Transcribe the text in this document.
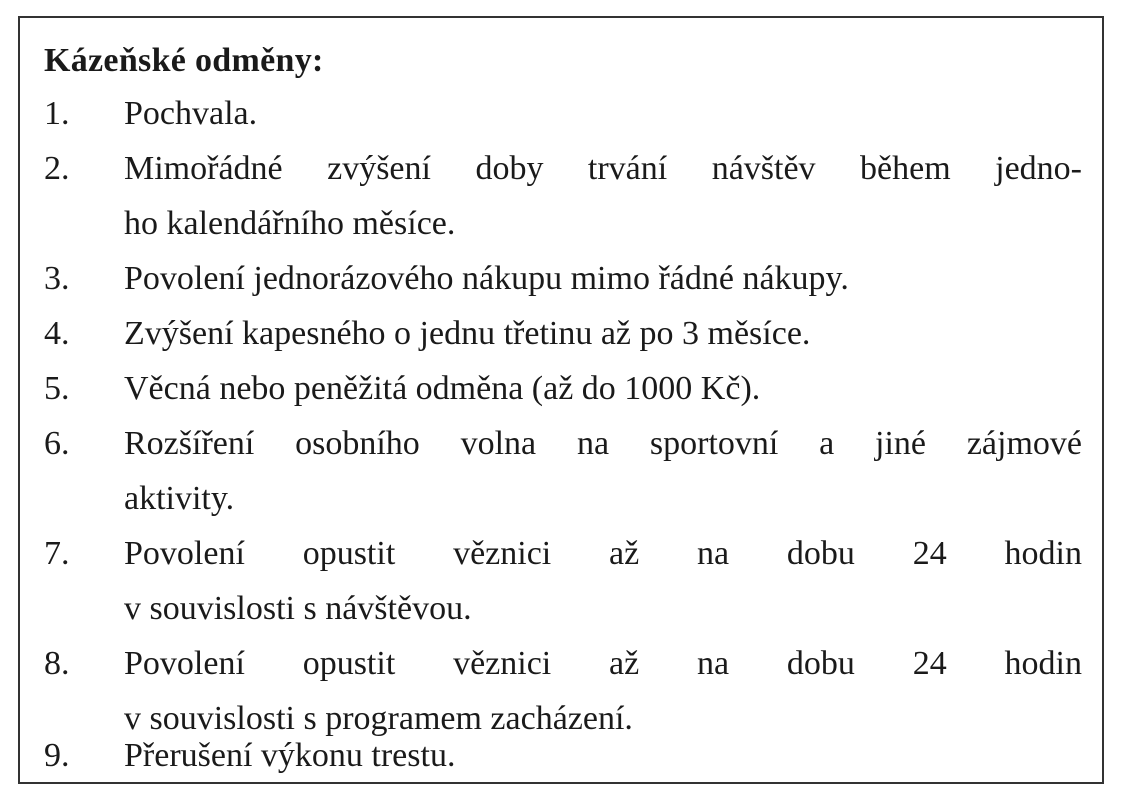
Kázeňské odměny:
1.	Pochvala.
2.	Mimořádné zvýšení doby trvání návštěv během jedno-
ho kalendářního měsíce.
3.	Povolení jednorázového nákupu mimo řádné nákupy.
4.	Zvýšení kapesného o jednu třetinu až po 3 měsíce.
5.	Věcná nebo peněžitá odměna (až do 1000 Kč).
6.	Rozšíření osobního volna na sportovní a jiné zájmové
aktivity.
7.	Povolení opustit věznici až na dobu 24 hodin
v souvislosti s návštěvou.
8.	Povolení opustit věznici až na dobu 24 hodin
v souvislosti s programem zacházení.
9.	Přerušení výkonu trestu.
